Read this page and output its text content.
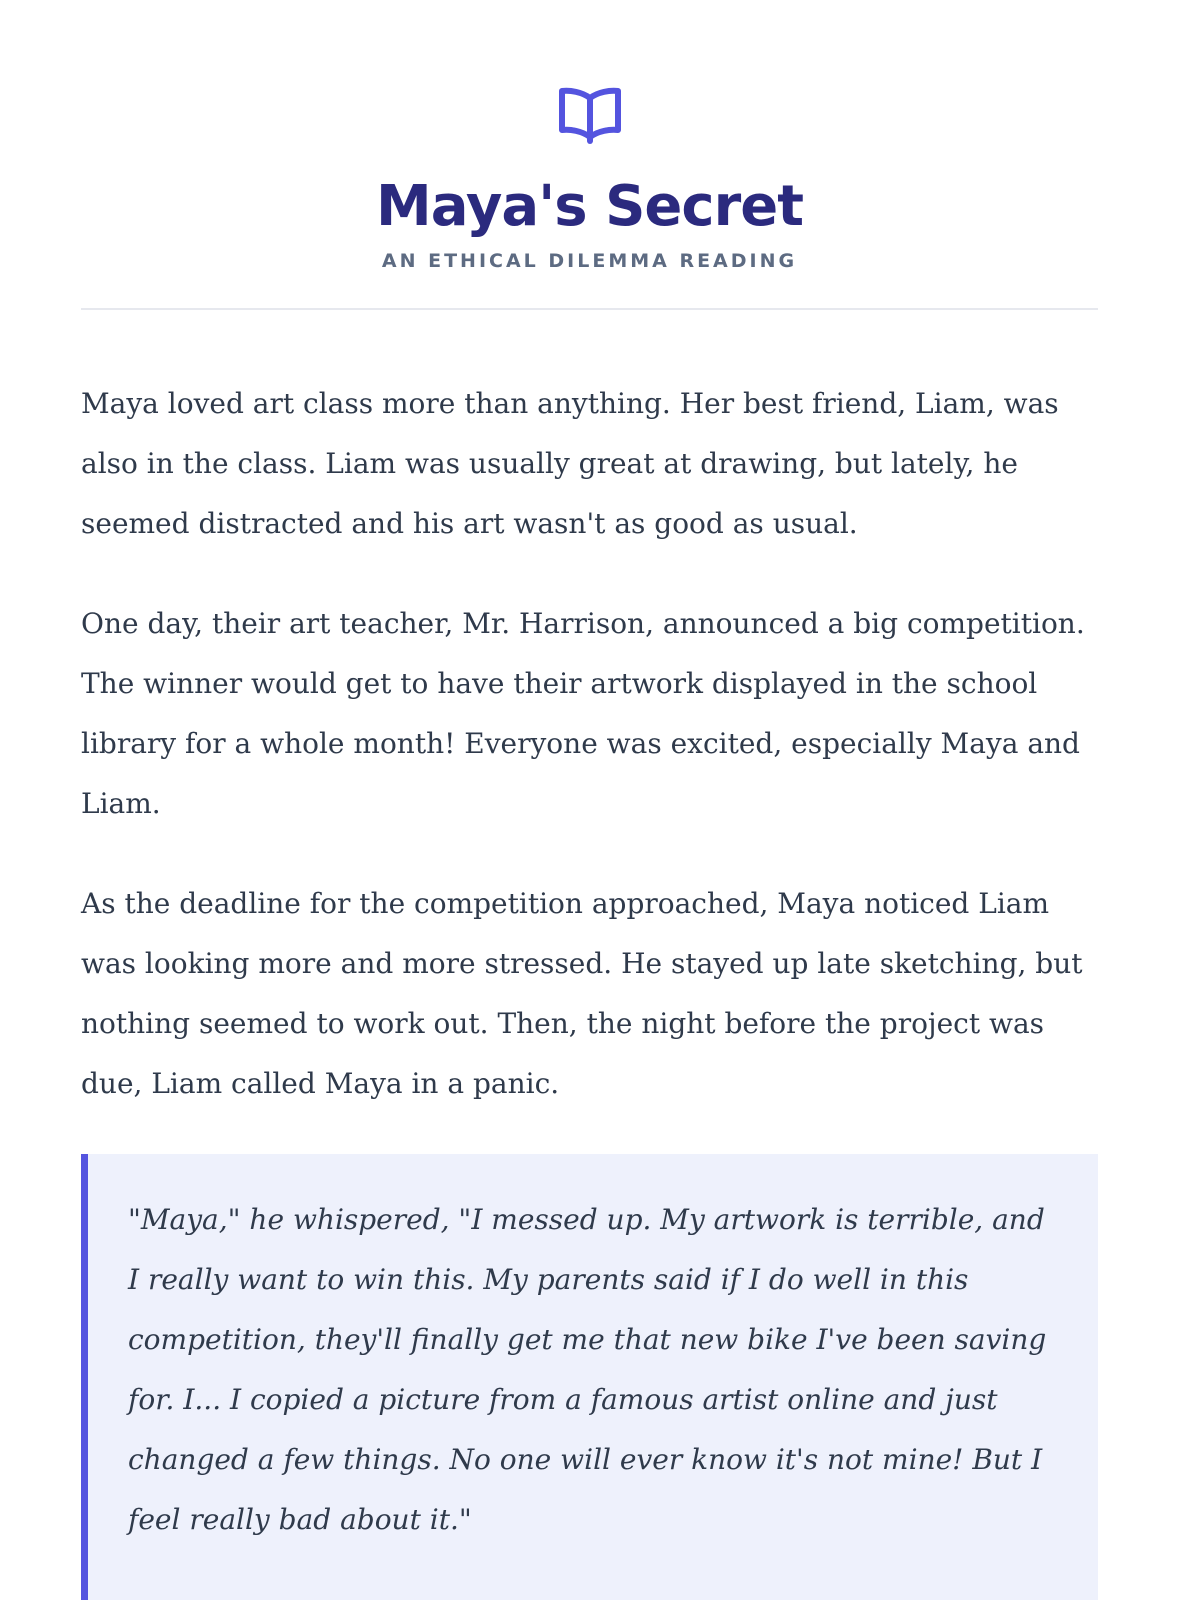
Maya's Secret
AN ETHICAL DILEMMA READING

Maya loved art class more than anything. Her best friend, Liam, was also in the class. Liam was usually great at drawing, but lately, he seemed distracted and his art wasn't as good as usual.

One day, their art teacher, Mr. Harrison, announced a big competition. The winner would get to have their artwork displayed in the school library for a whole month! Everyone was excited, especially Maya and Liam.

As the deadline for the competition approached, Maya noticed Liam was looking more and more stressed. He stayed up late sketching, but nothing seemed to work out. Then, the night before the project was due, Liam called Maya in a panic.

"Maya," he whispered, "I messed up. My artwork is terrible, and I really want to win this. My parents said if I do well in this competition, they'll finally get me that new bike I've been saving for. I... I copied a picture from a famous artist online and just changed a few things. No one will ever know it's not mine! But I feel really bad about it."
